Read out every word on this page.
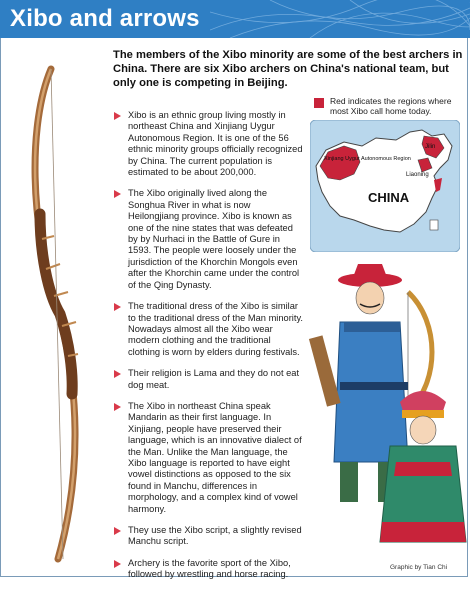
Xibo and arrows
The members of the Xibo minority are some of the best archers in China. There are six Xibo archers on China's national team, but only one is competing in Beijing.
Xibo is an ethnic group living mostly in northeast China and Xinjiang Uygur Autonomous Region. It is one of the 56 ethnic minority groups officially recognized by China. The current population is estimated to be about 200,000.
The Xibo originally lived along the Songhua River in what is now Heilongjiang province. Xibo is known as one of the nine states that was defeated by by Nurhaci in the Battle of Gure in 1593. The people were loosely under the jurisdiction of the Khorchin Mongols even after the Khorchin came under the control of the Qing Dynasty.
The traditional dress of the Xibo is similar to the traditional dress of the Man minority. Nowadays almost all the Xibo wear modern clothing and the traditional clothing is worn by elders during festivals.
Their religion is Lama and they do not eat dog meat.
The Xibo in northeast China speak Mandarin as their first language. In Xinjiang, people have preserved their language, which is an innovative dialect of the Man. Unlike the Man language, the Xibo language is reported to have eight vowel distinctions as opposed to the six found in Manchu, differences in morphology, and a complex kind of vowel harmony.
They use the Xibo script, a slightly revised Manchu script.
Archery is the favorite sport of the Xibo, followed by wrestling and horse racing.
Red indicates the regions where most Xibo call home today.
Xinjiang Uygur Autonomous Region
Jilin
Liaoning
CHINA
Graphic by Tian Chi
